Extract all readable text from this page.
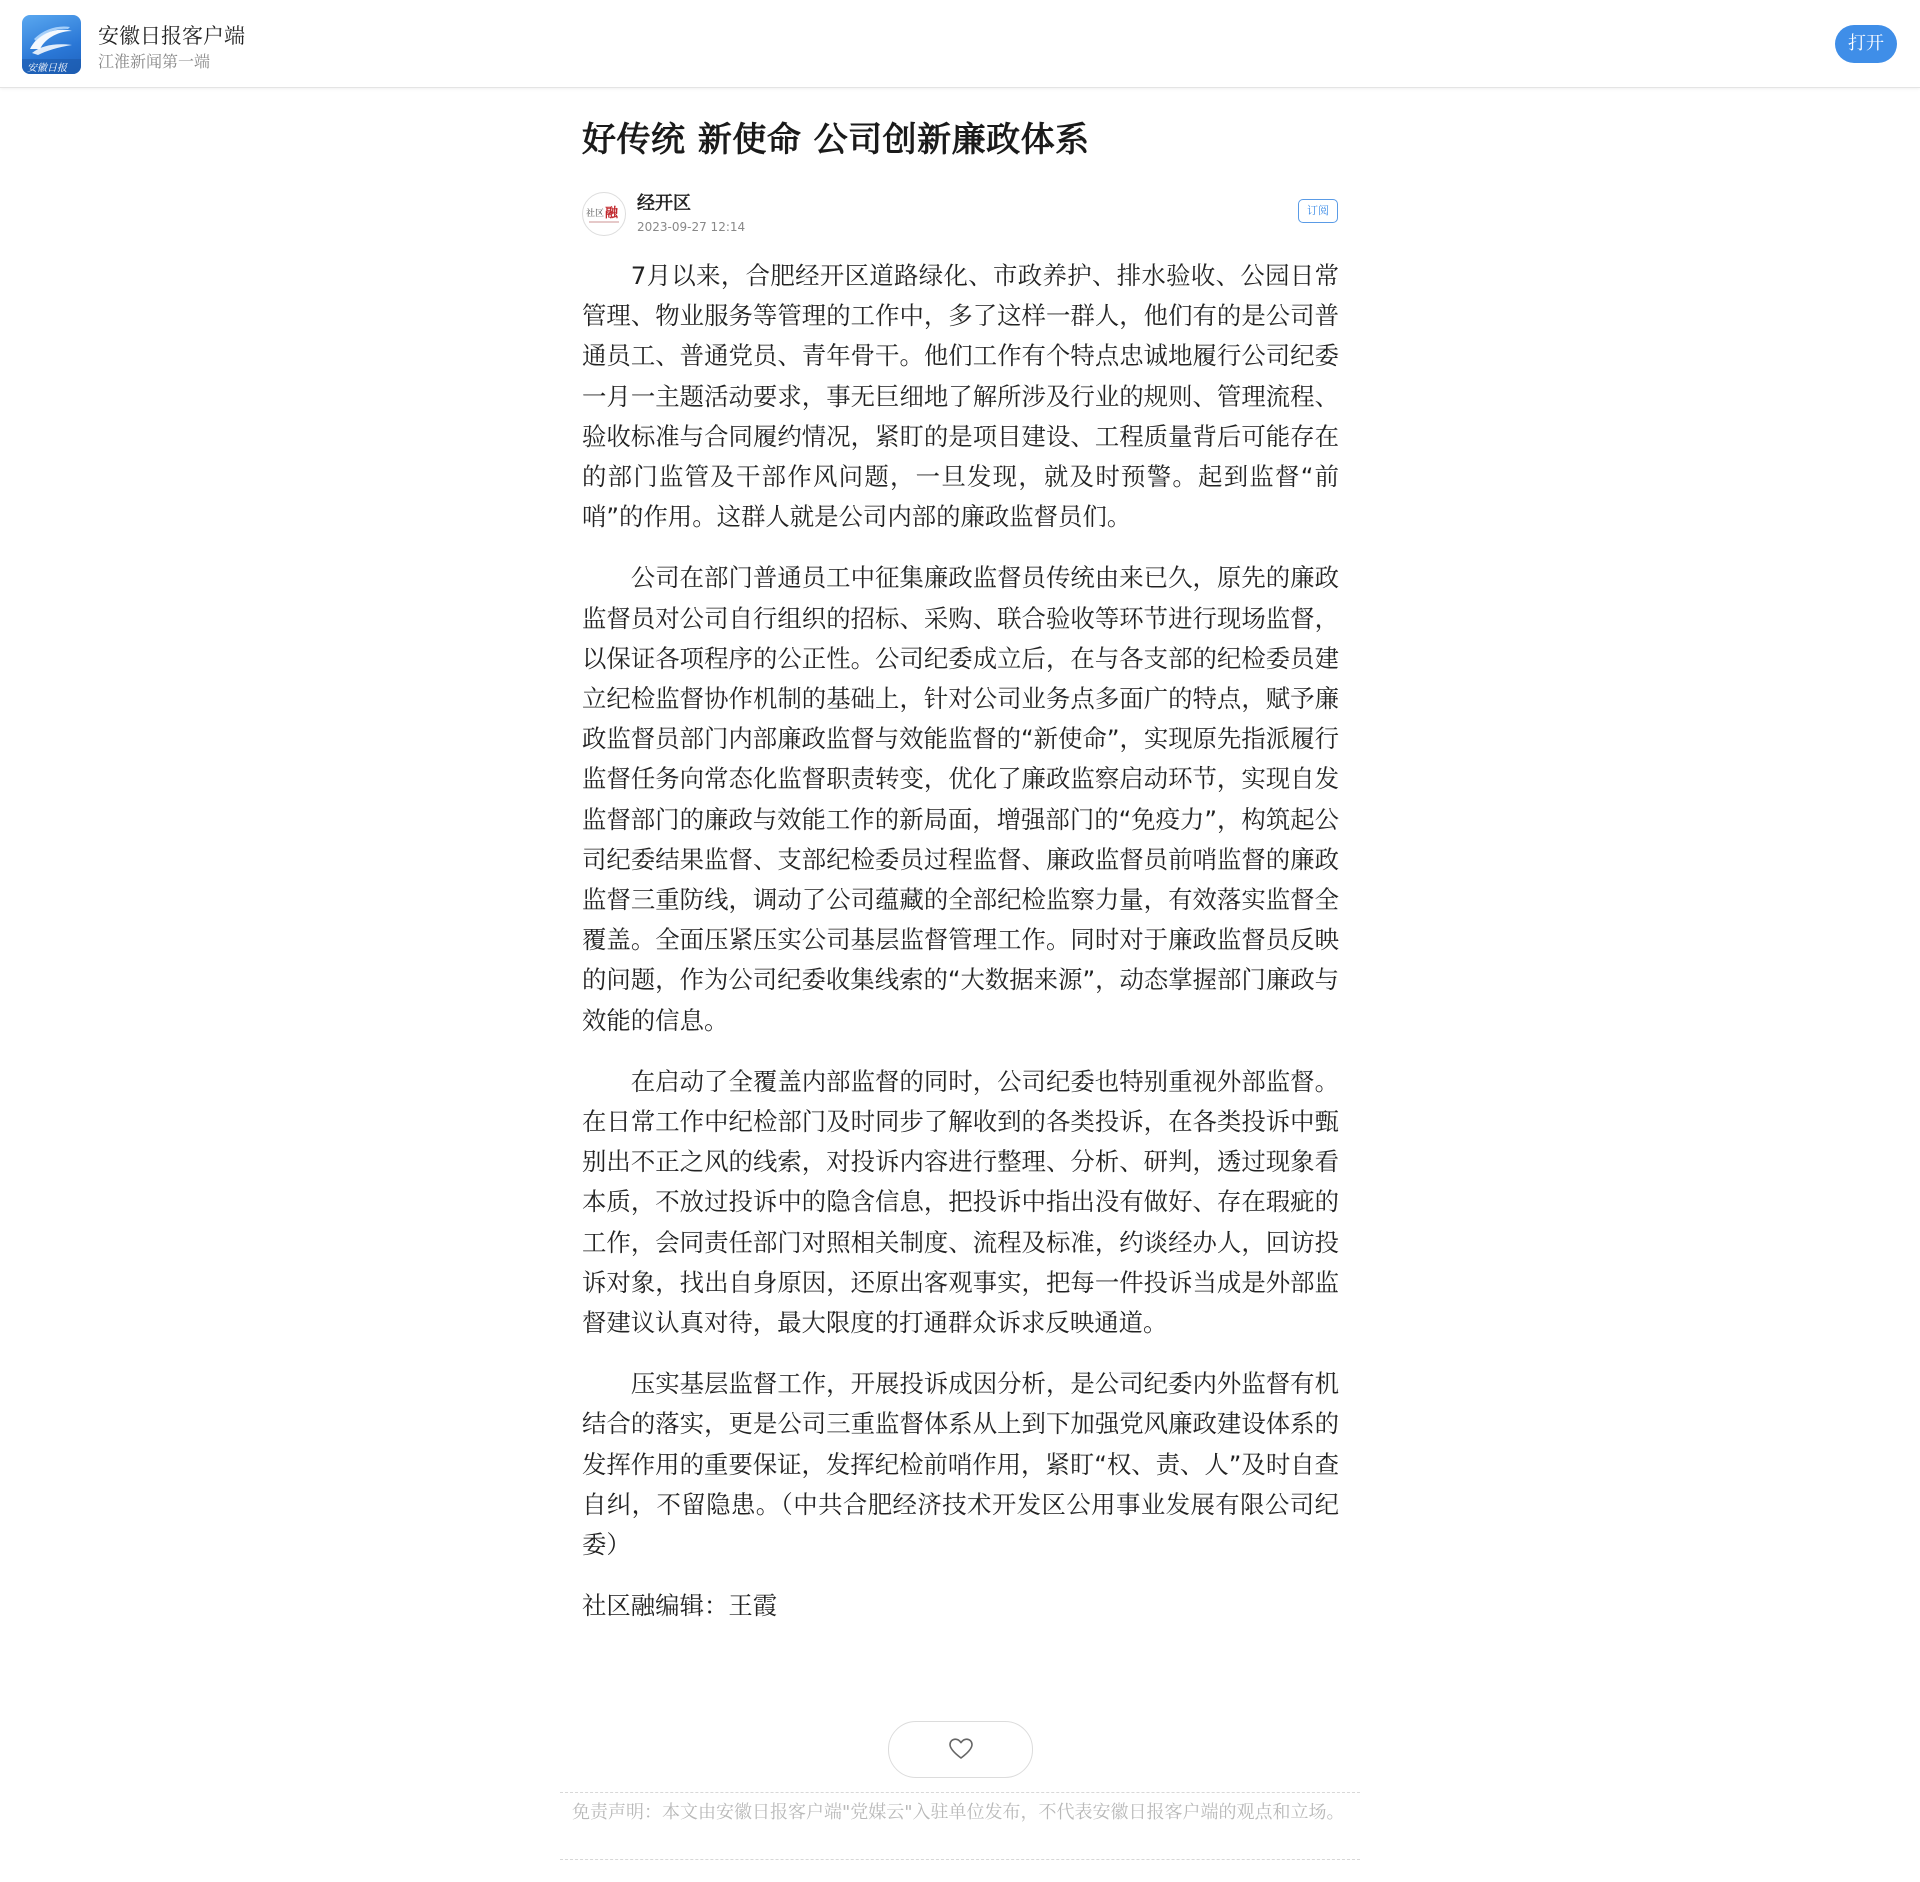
安徽日报
安徽日报客户端
江淮新闻第一端
打开
好传统 新使命 公司创新廉政体系
社区 融 经开区
2023-09-27 12:14
订阅

7月以来，合肥经开区道路绿化、市政养护、排水验收、公园日常管理、物业服务等管理的工作中，多了这样一群人，他们有的是公司普通员工、普通党员、青年骨干。他们工作有个特点忠诚地履行公司纪委一月一主题活动要求，事无巨细地了解所涉及行业的规则、管理流程、验收标准与合同履约情况，紧盯的是项目建设、工程质量背后可能存在的部门监管及干部作风问题，一旦发现，就及时预警。起到监督“前哨”的作用。这群人就是公司内部的廉政监督员们。

公司在部门普通员工中征集廉政监督员传统由来已久，原先的廉政监督员对公司自行组织的招标、采购、联合验收等环节进行现场监督，以保证各项程序的公正性。公司纪委成立后，在与各支部的纪检委员建立纪检监督协作机制的基础上，针对公司业务点多面广的特点，赋予廉政监督员部门内部廉政监督与效能监督的“新使命”，实现原先指派履行监督任务向常态化监督职责转变，优化了廉政监察启动环节，实现自发监督部门的廉政与效能工作的新局面，增强部门的“免疫力”，构筑起公司纪委结果监督、支部纪检委员过程监督、廉政监督员前哨监督的廉政监督三重防线，调动了公司蕴藏的全部纪检监察力量，有效落实监督全覆盖。全面压紧压实公司基层监督管理工作。同时对于廉政监督员反映的问题，作为公司纪委收集线索的“大数据来源”，动态掌握部门廉政与效能的信息。

在启动了全覆盖内部监督的同时，公司纪委也特别重视外部监督。在日常工作中纪检部门及时同步了解收到的各类投诉，在各类投诉中甄别出不正之风的线索，对投诉内容进行整理、分析、研判，透过现象看本质，不放过投诉中的隐含信息，把投诉中指出没有做好、存在瑕疵的工作，会同责任部门对照相关制度、流程及标准，约谈经办人，回访投诉对象，找出自身原因，还原出客观事实，把每一件投诉当成是外部监督建议认真对待，最大限度的打通群众诉求反映通道。

压实基层监督工作，开展投诉成因分析，是公司纪委内外监督有机结合的落实，更是公司三重监督体系从上到下加强党风廉政建设体系的发挥作用的重要保证，发挥纪检前哨作用，紧盯“权、责、人”及时自查自纠，不留隐患。（中共合肥经济技术开发区公用事业发展有限公司纪委）

社区融编辑：王霞

免责声明：本文由安徽日报客户端"党媒云"入驻单位发布，不代表安徽日报客户端的观点和立场。
